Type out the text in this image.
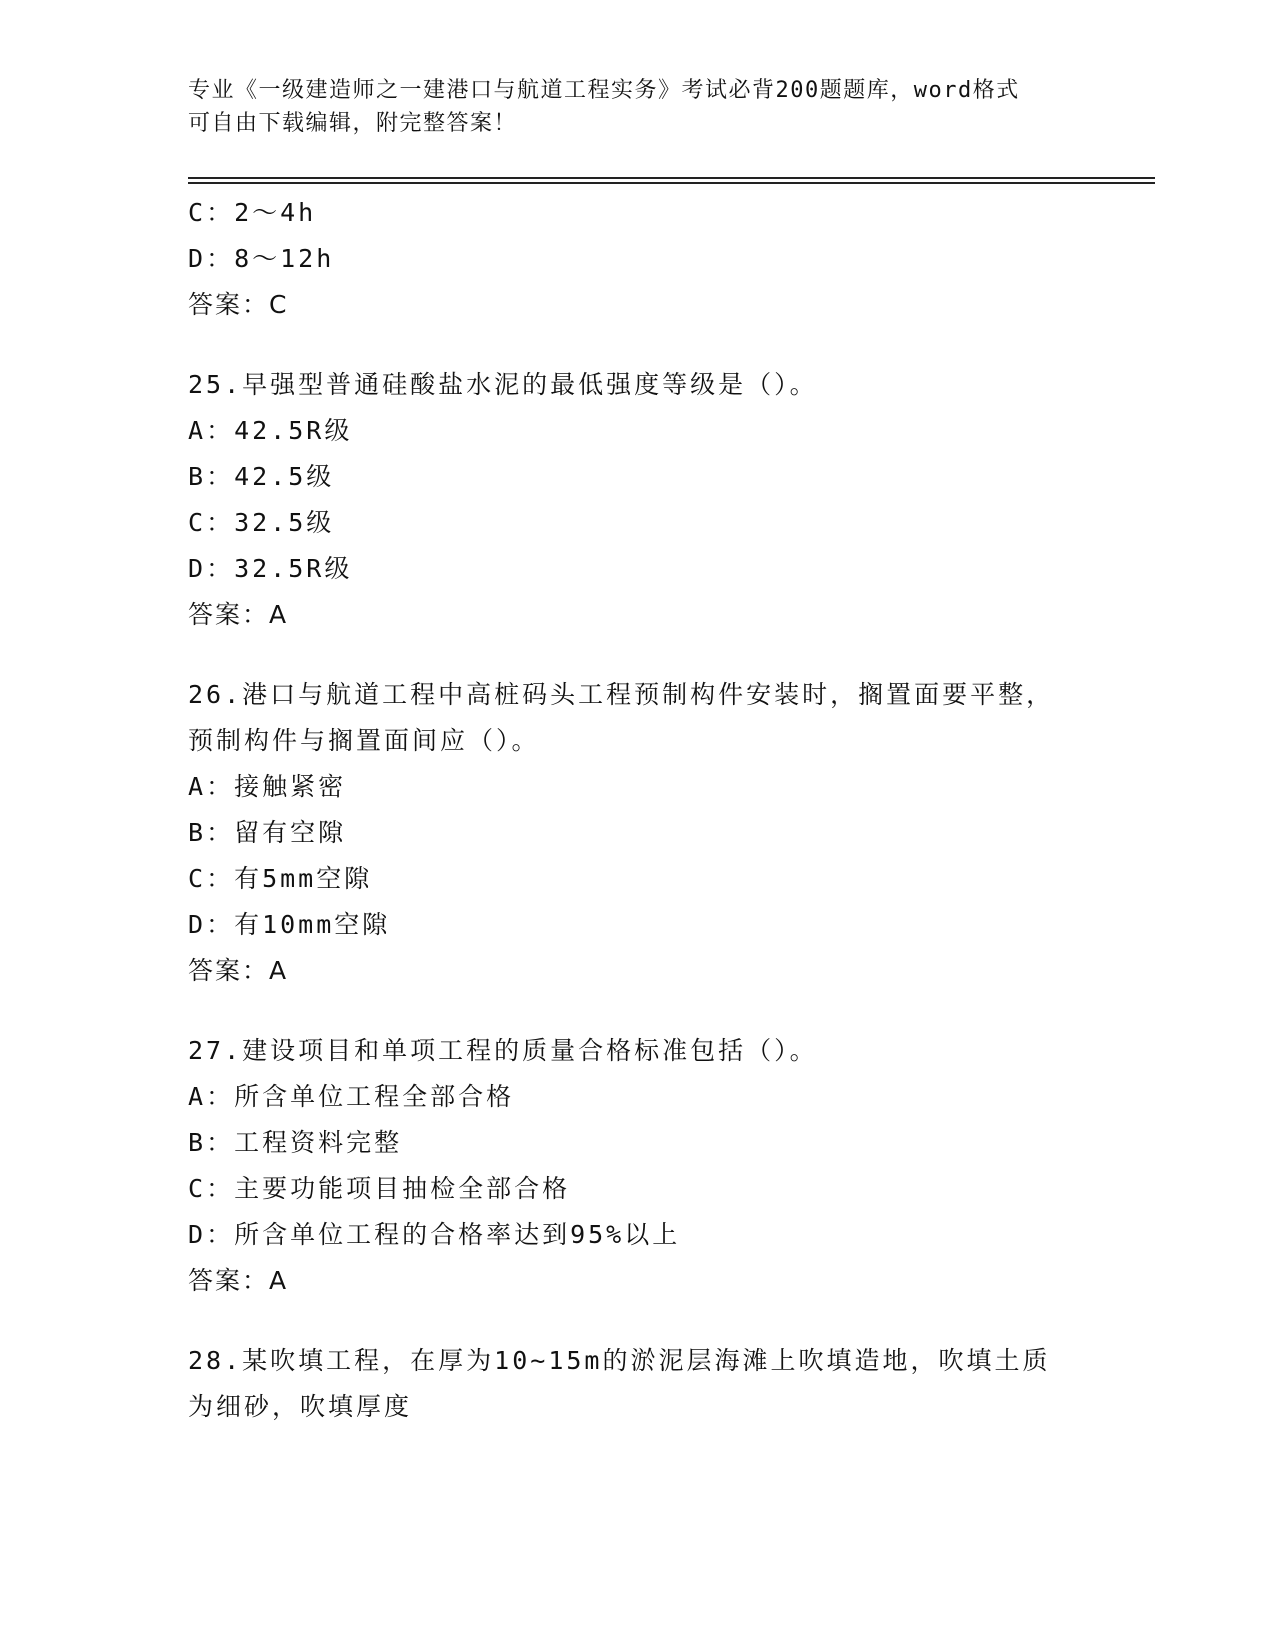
专业《一级建造师之一建港口与航道工程实务》考试必背200题题库，word格式
可自由下载编辑，附完整答案！
C：2～4h
D：8～12h
答案：C
25.早强型普通硅酸盐水泥的最低强度等级是（）。
A：42.5R级
B：42.5级
C：32.5级
D：32.5R级
答案：A
26.港口与航道工程中高桩码头工程预制构件安装时，搁置面要平整，
预制构件与搁置面间应（）。
A：接触紧密
B：留有空隙
C：有5mm空隙
D：有10mm空隙
答案：A
27.建设项目和单项工程的质量合格标准包括（）。
A：所含单位工程全部合格
B：工程资料完整
C：主要功能项目抽检全部合格
D：所含单位工程的合格率达到95%以上
答案：A
28.某吹填工程，在厚为10~15m的淤泥层海滩上吹填造地，吹填土质
为细砂，吹填厚度
